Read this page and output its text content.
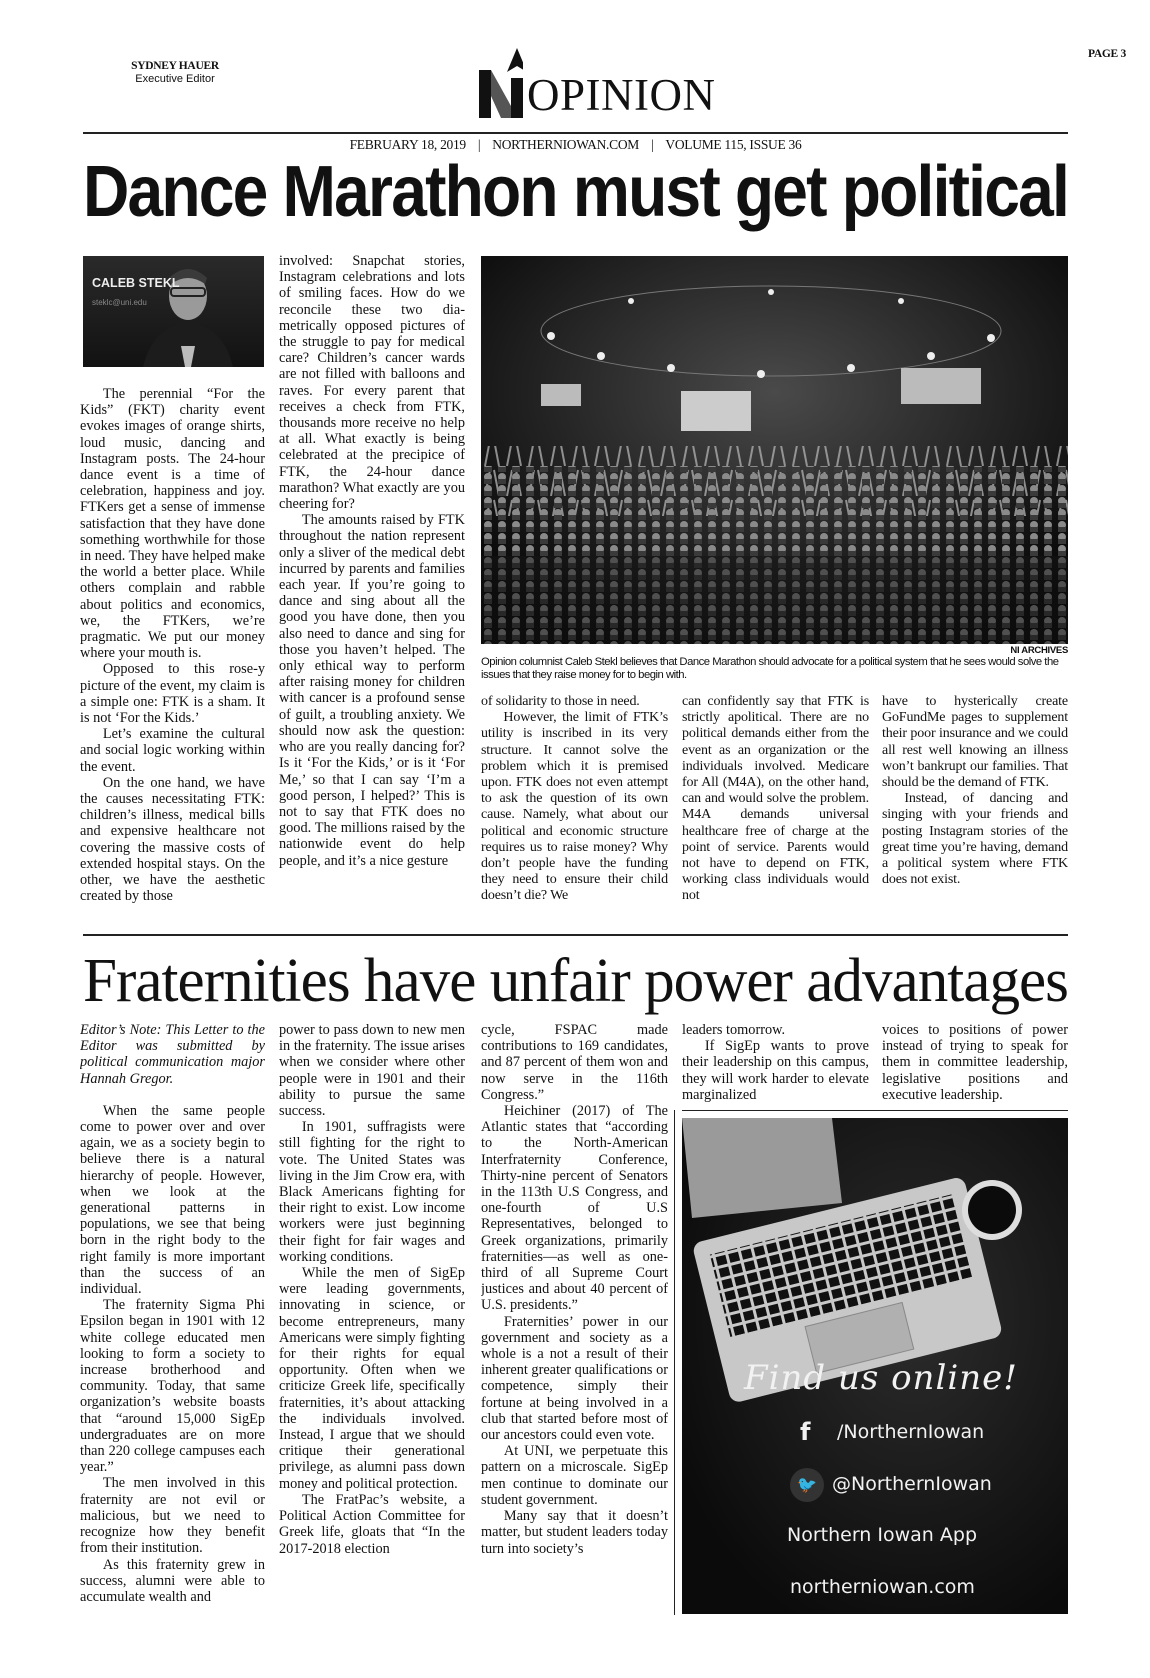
SYDNEY HAUER
Executive Editor	OPINION
PAGE 3
FEBRUARY 18, 2019 | NORTHERNIOWAN.COM | VOLUME 115, ISSUE 36
Dance Marathon must get political
CALEB STEKL
steklc@uni.edu
NI ARCHIVES
Opinion columnist Caleb Stekl believes that Dance Marathon should advocate for a political system that he sees would solve the issues that they raise money for to begin with.

The perennial “For the Kids” (FKT) charity event evokes images of orange shirts, loud music, dancing and Instagram posts. The 24-hour dance event is a time of celebration, happiness and joy. FTKers get a sense of immense satisfaction that they have done something worthwhile for those in need. They have helped make the world a better place. While others complain and rabble about politics and economics, we, the FTKers, we’re pragmatic. We put our money where your mouth is.

Opposed to this rose-y picture of the event, my claim is a simple one: FTK is a sham. It is not ‘For the Kids.’

Let’s examine the cultural and social logic working within the event.

On the one hand, we have the causes necessitating FTK: children’s illness, medical bills and expensive healthcare not covering the massive costs of extended hospital stays. On the other, we have the aesthetic created by those

involved: Snapchat stories, Instagram celebrations and lots of smiling faces. How do we reconcile these two diametrically opposed pictures of the struggle to pay for medical care? Children’s cancer wards are not filled with balloons and raves. For every parent that receives a check from FTK, thousands more receive no help at all. What exactly is being celebrated at the precipice of FTK, the 24-hour dance marathon? What exactly are you cheering for?

The amounts raised by FTK throughout the nation represent only a sliver of the medical debt incurred by parents and families each year. If you’re going to dance and sing about all the good you have done, then you also need to dance and sing for those you haven’t helped. The only ethical way to perform after raising money for children with cancer is a profound sense of guilt, a troubling anxiety. We should now ask the question: who are you really dancing for? Is it ‘For the Kids,’ or is it ‘For Me,’ so that I can say ‘I’m a good person, I helped?’ This is not to say that FTK does no good. The millions raised by the nationwide event do help people, and it’s a nice gesture

of solidarity to those in need.

However, the limit of FTK’s utility is inscribed in its very structure. It cannot solve the problem which it is premised upon. FTK does not even attempt to ask the question of its own cause. Namely, what about our political and economic structure requires us to raise money? Why don’t people have the funding they need to ensure their child doesn’t die? We

can confidently say that FTK is strictly apolitical. There are no political demands either from the event as an organization or the individuals involved. Medicare for All (M4A), on the other hand, can and would solve the problem. M4A demands universal healthcare free of charge at the point of service. Parents would not have to depend on FTK, working class individuals would not

have to hysterically create GoFundMe pages to supplement their poor insurance and we could all rest well knowing an illness won’t bankrupt our families. That should be the demand of FTK.

Instead, of dancing and singing with your friends and posting Instagram stories of the great time you’re having, demand a political system where FTK does not exist.

Fraternities have unfair power advantages

Editor’s Note: This Letter to the Editor was submitted by political communication major Hannah Gregor.

When the same people come to power over and over again, we as a society begin to believe there is a natural hierarchy of people. However, when we look at the generational patterns in populations, we see that being born in the right body to the right family is more important than the success of an individual.

The fraternity Sigma Phi Epsilon began in 1901 with 12 white college educated men looking to form a society to increase brotherhood and community. Today, that same organization’s website boasts that “around 15,000 SigEp undergraduates are on more than 220 college campuses each year.”

The men involved in this fraternity are not evil or malicious, but we need to recognize how they benefit from their institution.

As this fraternity grew in success, alumni were able to accumulate wealth and

power to pass down to new men in the fraternity. The issue arises when we consider where other people were in 1901 and their ability to pursue the same success.

In 1901, suffragists were still fighting for the right to vote. The United States was living in the Jim Crow era, with Black Americans fighting for their right to exist. Low income workers were just beginning their fight for fair wages and working conditions.

While the men of SigEp were leading governments, innovating in science, or become entrepreneurs, many Americans were simply fighting for their rights for equal opportunity. Often when we criticize Greek life, specifically fraternities, it’s about attacking the individuals involved. Instead, I argue that we should critique their generational privilege, as alumni pass down money and political protection.

The FratPac’s website, a Political Action Committee for Greek life, gloats that “In the 2017-2018 election

cycle, FSPAC made contributions to 169 candidates, and 87 percent of them won and now serve in the 116th Congress.”

Heichiner (2017) of The Atlantic states that “according to the North-American Interfraternity Conference, Thirty-nine percent of Senators in the 113th U.S Congress, and one-fourth of U.S Representatives, belonged to Greek organizations, primarily fraternities—as well as one-third of all Supreme Court justices and about 40 percent of U.S. presidents.”

Fraternities’ power in our government and society as a whole is a not a result of their inherent greater qualifications or competence, simply their fortune at being involved in a club that started before most of our ancestors could even vote.

At UNI, we perpetuate this pattern on a microscale. SigEp men continue to dominate our student government.

Many say that it doesn’t matter, but student leaders today turn into society’s

leaders tomorrow.

If SigEp wants to prove their leadership on this campus, they will work harder to elevate marginalized

voices to positions of power instead of trying to speak for them in committee leadership, legislative positions and executive leadership.

Find us online!
f /NorthernIowan
🐦 @NorthernIowan
Northern Iowan App
northerniowan.com
